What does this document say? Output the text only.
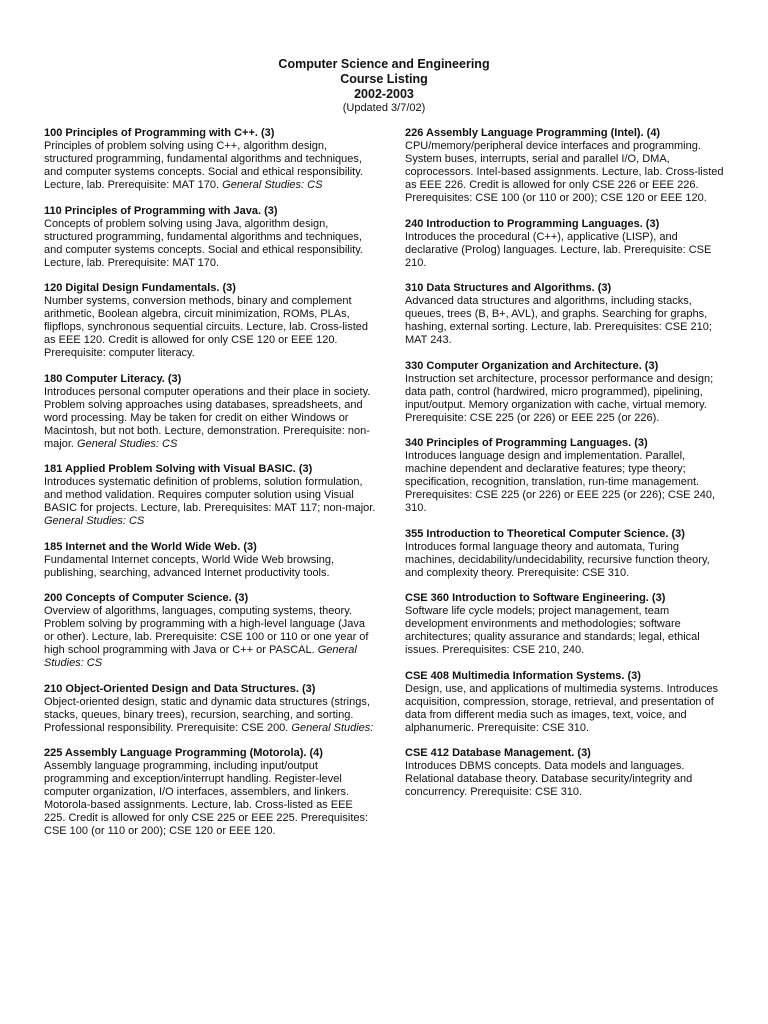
Computer Science and Engineering
Course Listing
2002-2003
(Updated 3/7/02)
100 Principles of Programming with C++. (3)
Principles of problem solving using C++, algorithm design, structured programming, fundamental algorithms and techniques, and computer systems concepts. Social and ethical responsibility. Lecture, lab. Prerequisite: MAT 170. General Studies: CS
110 Principles of Programming with Java. (3)
Concepts of problem solving using Java, algorithm design, structured programming, fundamental algorithms and techniques, and computer systems concepts. Social and ethical responsibility. Lecture, lab. Prerequisite: MAT 170.
120 Digital Design Fundamentals. (3)
Number systems, conversion methods, binary and complement arithmetic, Boolean algebra, circuit minimization, ROMs, PLAs, flipflops, synchronous sequential circuits. Lecture, lab. Cross-listed as EEE 120. Credit is allowed for only CSE 120 or EEE 120. Prerequisite: computer literacy.
180 Computer Literacy. (3)
Introduces personal computer operations and their place in society. Problem solving approaches using databases, spreadsheets, and word processing. May be taken for credit on either Windows or Macintosh, but not both. Lecture, demonstration. Prerequisite: non-major. General Studies: CS
181 Applied Problem Solving with Visual BASIC. (3)
Introduces systematic definition of problems, solution formulation, and method validation. Requires computer solution using Visual BASIC for projects. Lecture, lab. Prerequisites: MAT 117; non-major. General Studies: CS
185 Internet and the World Wide Web. (3)
Fundamental Internet concepts, World Wide Web browsing, publishing, searching, advanced Internet productivity tools.
200 Concepts of Computer Science. (3)
Overview of algorithms, languages, computing systems, theory. Problem solving by programming with a high-level language (Java or other). Lecture, lab. Prerequisite: CSE 100 or 110 or one year of high school programming with Java or C++ or PASCAL. General Studies: CS
210 Object-Oriented Design and Data Structures. (3)
Object-oriented design, static and dynamic data structures (strings, stacks, queues, binary trees), recursion, searching, and sorting. Professional responsibility. Prerequisite: CSE 200. General Studies:
225 Assembly Language Programming (Motorola). (4)
Assembly language programming, including input/output programming and exception/interrupt handling. Register-level computer organization, I/O interfaces, assemblers, and linkers. Motorola-based assignments. Lecture, lab. Cross-listed as EEE 225. Credit is allowed for only CSE 225 or EEE 225. Prerequisites: CSE 100 (or 110 or 200); CSE 120 or EEE 120.
226 Assembly Language Programming (Intel). (4)
CPU/memory/peripheral device interfaces and programming. System buses, interrupts, serial and parallel I/O, DMA, coprocessors. Intel-based assignments. Lecture, lab. Cross-listed as EEE 226. Credit is allowed for only CSE 226 or EEE 226. Prerequisites: CSE 100 (or 110 or 200); CSE 120 or EEE 120.
240 Introduction to Programming Languages. (3)
Introduces the procedural (C++), applicative (LISP), and declarative (Prolog) languages. Lecture, lab. Prerequisite: CSE 210.
310 Data Structures and Algorithms. (3)
Advanced data structures and algorithms, including stacks, queues, trees (B, B+, AVL), and graphs. Searching for graphs, hashing, external sorting. Lecture, lab. Prerequisites: CSE 210; MAT 243.
330 Computer Organization and Architecture. (3)
Instruction set architecture, processor performance and design; data path, control (hardwired, micro programmed), pipelining, input/output. Memory organization with cache, virtual memory. Prerequisite: CSE 225 (or 226) or EEE 225 (or 226).
340 Principles of Programming Languages. (3)
Introduces language design and implementation. Parallel, machine dependent and declarative features; type theory; specification, recognition, translation, run-time management. Prerequisites: CSE 225 (or 226) or EEE 225 (or 226); CSE 240, 310.
355 Introduction to Theoretical Computer Science. (3)
Introduces formal language theory and automata, Turing machines, decidability/undecidability, recursive function theory, and complexity theory. Prerequisite: CSE 310.
CSE 360 Introduction to Software Engineering. (3)
Software life cycle models; project management, team development environments and methodologies; software architectures; quality assurance and standards; legal, ethical issues. Prerequisites: CSE 210, 240.
CSE 408 Multimedia Information Systems. (3)
Design, use, and applications of multimedia systems. Introduces acquisition, compression, storage, retrieval, and presentation of data from different media such as images, text, voice, and alphanumeric. Prerequisite: CSE 310.
CSE 412 Database Management. (3)
Introduces DBMS concepts. Data models and languages. Relational database theory. Database security/integrity and concurrency. Prerequisite: CSE 310.
